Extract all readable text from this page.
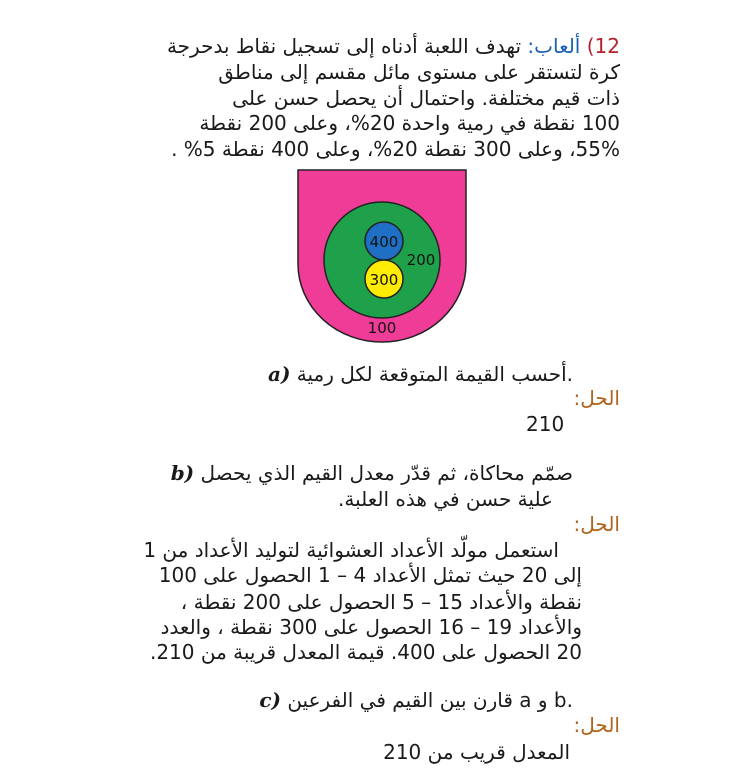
12) ألعاب: تهدف اللعبة أدناه إلى تسجيل نقاط بدحرجة
كرة لتستقر على مستوى مائل مقسم إلى مناطق
ذات قيم مختلفة. واحتمال أن يحصل حسن على
100 نقطة في رمية واحدة 20%، وعلى 200 نقطة
55%، وعلى 300 نقطة 20%، وعلى 400 نقطة 5% .
400
300
200
100
a) أحسب القيمة المتوقعة لكل رمية.
الحل:
210
b) صمّم محاكاة، ثم قدّر معدل القيم الذي يحصل
علية حسن في هذه العلبة.
الحل:
استعمل مولّد الأعداد العشوائية لتوليد الأعداد من 1
إلى 20 حيث تمثل الأعداد 4 – 1 الحصول على 100
نقطة والأعداد 15 – 5 الحصول على 200 نقطة ،
والأعداد 19 – 16 الحصول على 300 نقطة ، والعدد
20 الحصول على 400. قيمة المعدل قريبة من 210.
c) قارن بين القيم في الفرعين a و b.
الحل:
المعدل قريب من 210
